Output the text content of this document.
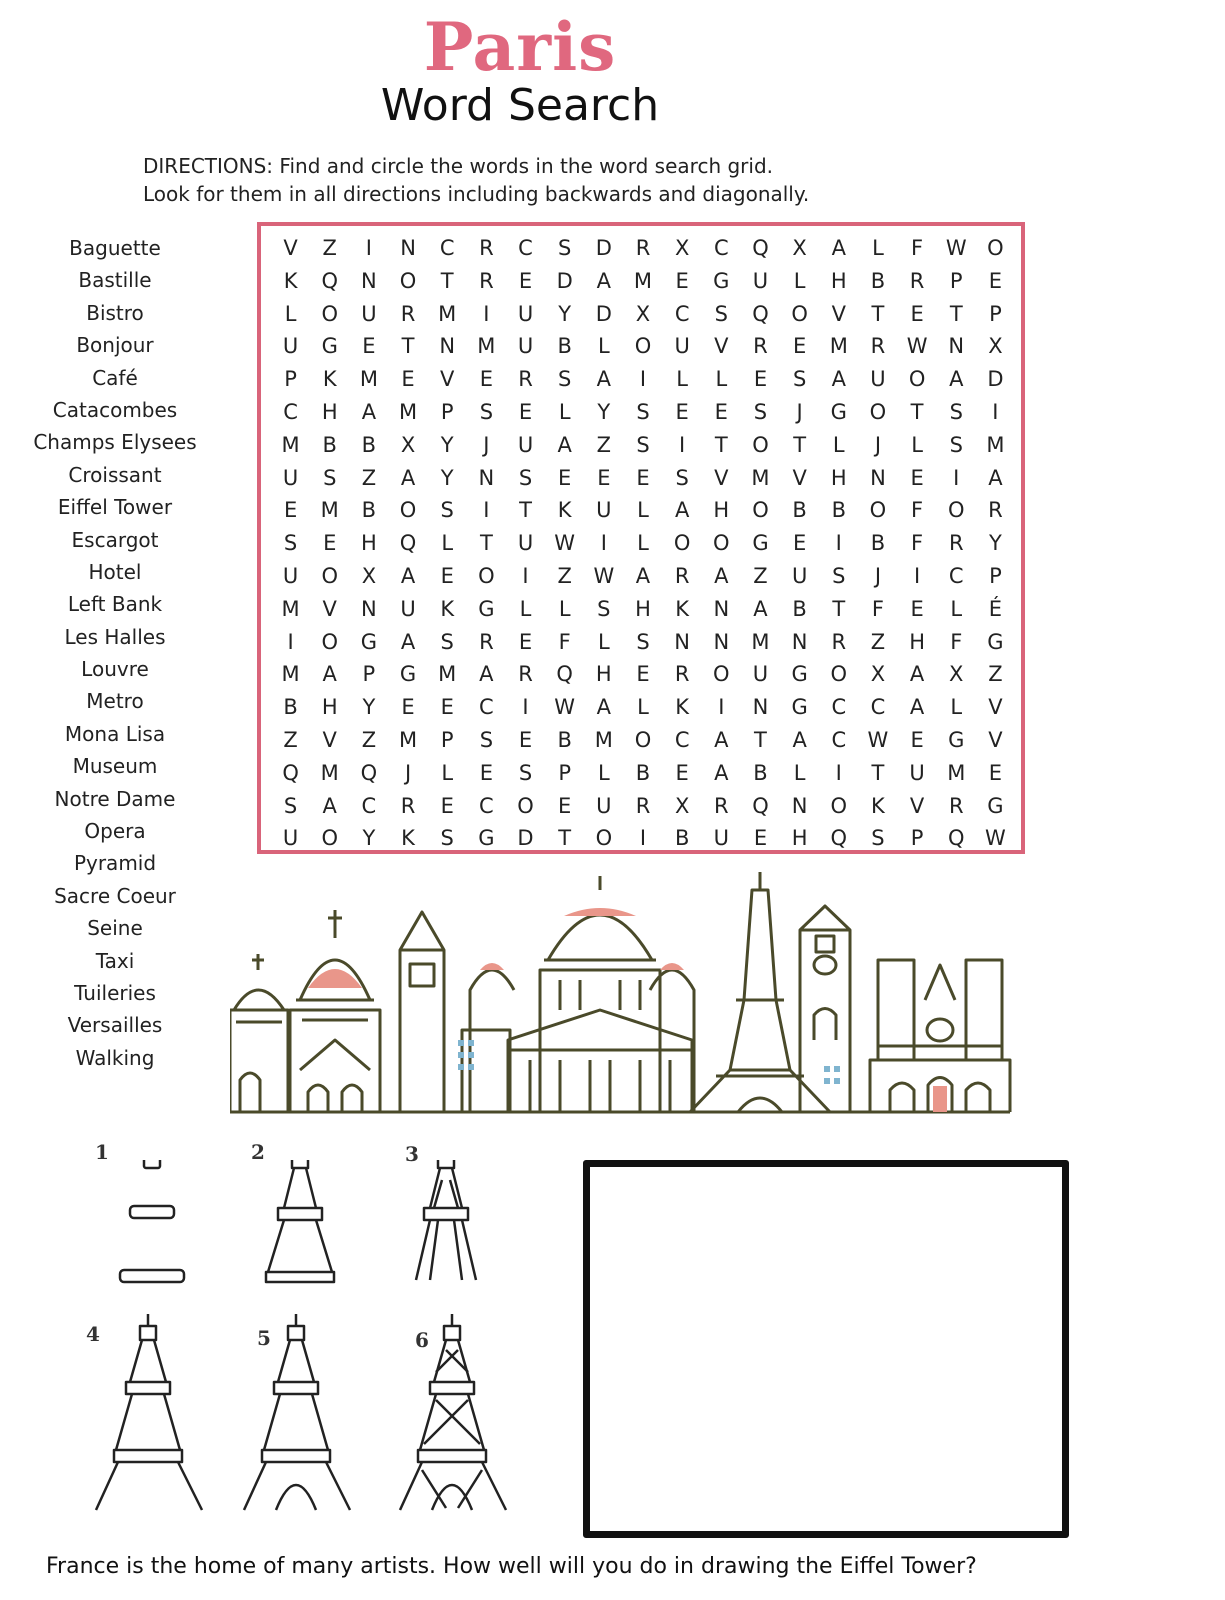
Paris
Word Search
DIRECTIONS: Find and circle the words in the word search grid.
Look for them in all directions including backwards and diagonally.
Baguette
Bastille
Bistro
Bonjour
Café
Catacombes
Champs Elysees
Croissant
Eiffel Tower
Escargot
Hotel
Left Bank
Les Halles
Louvre
Metro
Mona Lisa
Museum
Notre Dame
Opera
Pyramid
Sacre Coeur
Seine
Taxi
Tuileries
Versailles
Walking
V	Z	I	N	C	R	C	S	D	R	X	C	Q	X	A	L	F	W O
K	Q	N	O	T	R	E	D	A	M	E	G	U	L	H	B	R	P	E
L	O	U	R	M	I	U	Y	D	X	C	S	Q	O	V	T	E	T	P
U	G	E	T	N	M	U	B	L	O	U	V	R	E	M	R	W N	X
P	K	M	E	V	E	R	S	A	I	L	L	E	S	A	U	O	A	D
C	H	A	M	P	S	E	L	Y	S	E	E	S	J	G	O	T	S	I
M	B	B	X	Y	J	U	A	Z	S	I	T	O	T	L	J	L	S	M
U	S	Z	A	Y	N	S	E	E	E	S	V	M	V	H	N	E	I	A
E	M	B	O	S	I	T	K	U	L	A	H	O	B	B	O	F	O	R
S	E	H	Q	L	T	U	W	I	L	O	O	G	E	I	B	F	R	Y
U	O	X	A	E	O	I	Z	W	A	R	A	Z	U	S	J	I	C	P
M	V	N	U	K	G	L	L	S	H	K	N	A	B	T	F	E	L	É
I	O	G	A	S	R	E	F	L	S	N	N	M	N	R	Z	H	F	G
M	A	P	G	M	A	R	Q	H	E	R	O	U	G	O	X	A	X	Z
B	H	Y	E	E	C	I	W	A	L	K	I	N	G	C	C	A	L	V
Z	V	Z	M	P	S	E	B	M	O	C	A	T	A	C	W	E	G	V
Q	M	Q	J	L	E	S	P	L	B	E	A	B	L	I	T	U	M	E
S	A	C	R	E	C	O	E	U	R	X	R	Q	N	O	K	V	R	G
U	O	Y	K	S	G	D	T	O	I	B	U	E	H	Q	S	P	Q W
1	2	3
4	5	6
France is the home of many artists. How well will you do in drawing the Eiffel Tower?
